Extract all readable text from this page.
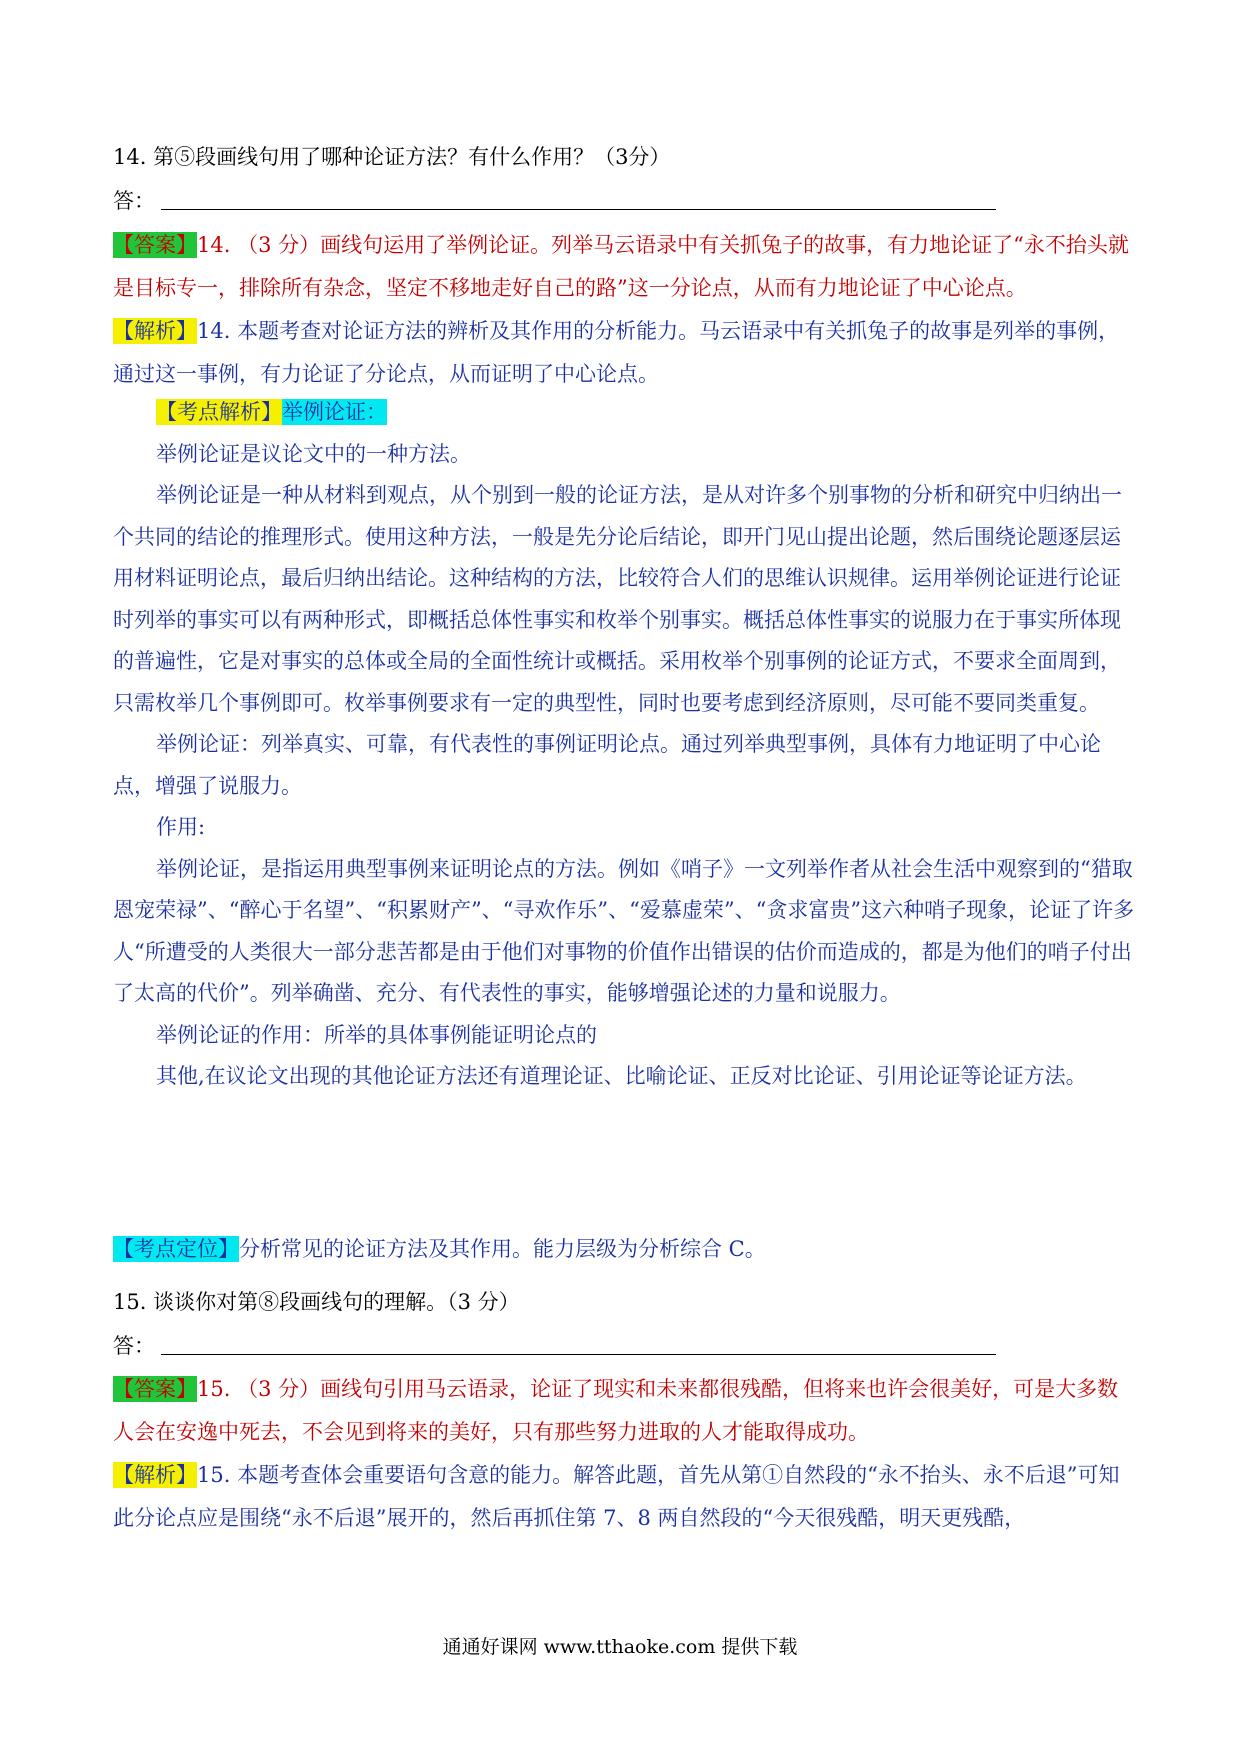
14. 第⑤段画线句用了哪种论证方法？有什么作用？（3分）

答：

【答案】14. （3 分）画线句运用了举例论证。列举马云语录中有关抓兔子的故事，有力地论证了“永不抬头就是目标专一，排除所有杂念，坚定不移地走好自己的路”这一分论点，从而有力地论证了中心论点。

【解析】14. 本题考查对论证方法的辨析及其作用的分析能力。马云语录中有关抓兔子的故事是列举的事例，通过这一事例，有力论证了分论点，从而证明了中心论点。

【考点解析】举例论证：

举例论证是议论文中的一种方法。

举例论证是一种从材料到观点，从个别到一般的论证方法，是从对许多个别事物的分析和研究中归纳出一个共同的结论的推理形式。使用这种方法，一般是先分论后结论，即开门见山提出论题，然后围绕论题逐层运用材料证明论点，最后归纳出结论。这种结构的方法，比较符合人们的思维认识规律。运用举例论证进行论证时列举的事实可以有两种形式，即概括总体性事实和枚举个别事实。概括总体性事实的说服力在于事实所体现的普遍性，它是对事实的总体或全局的全面性统计或概括。采用枚举个别事例的论证方式，不要求全面周到，只需枚举几个事例即可。枚举事例要求有一定的典型性，同时也要考虑到经济原则，尽可能不要同类重复。

举例论证：列举真实、可靠，有代表性的事例证明论点。通过列举典型事例，具体有力地证明了中心论点，增强了说服力。

作用:

举例论证，是指运用典型事例来证明论点的方法。例如《哨子》一文列举作者从社会生活中观察到的“猎取恩宠荣禄”、“醉心于名望”、“积累财产”、“寻欢作乐”、“爱慕虚荣”、“贪求富贵”这六种哨子现象，论证了许多人“所遭受的人类很大一部分悲苦都是由于他们对事物的价值作出错误的估价而造成的，都是为他们的哨子付出了太高的代价”。列举确凿、充分、有代表性的事实，能够增强论述的力量和说服力。

举例论证的作用：所举的具体事例能证明论点的

其他,在议论文出现的其他论证方法还有道理论证、比喻论证、正反对比论证、引用论证等论证方法。

【考点定位】分析常见的论证方法及其作用。能力层级为分析综合 C。

15. 谈谈你对第⑧段画线句的理解。（3 分）

答：

【答案】15. （3 分）画线句引用马云语录，论证了现实和未来都很残酷，但将来也许会很美好，可是大多数人会在安逸中死去，不会见到将来的美好，只有那些努力进取的人才能取得成功。

【解析】15. 本题考查体会重要语句含意的能力。解答此题，首先从第①自然段的“永不抬头、永不后退”可知此分论点应是围绕“永不后退”展开的，然后再抓住第 7、8 两自然段的“今天很残酷，明天更残酷，

通通好课网 www.tthaoke.com 提供下载
